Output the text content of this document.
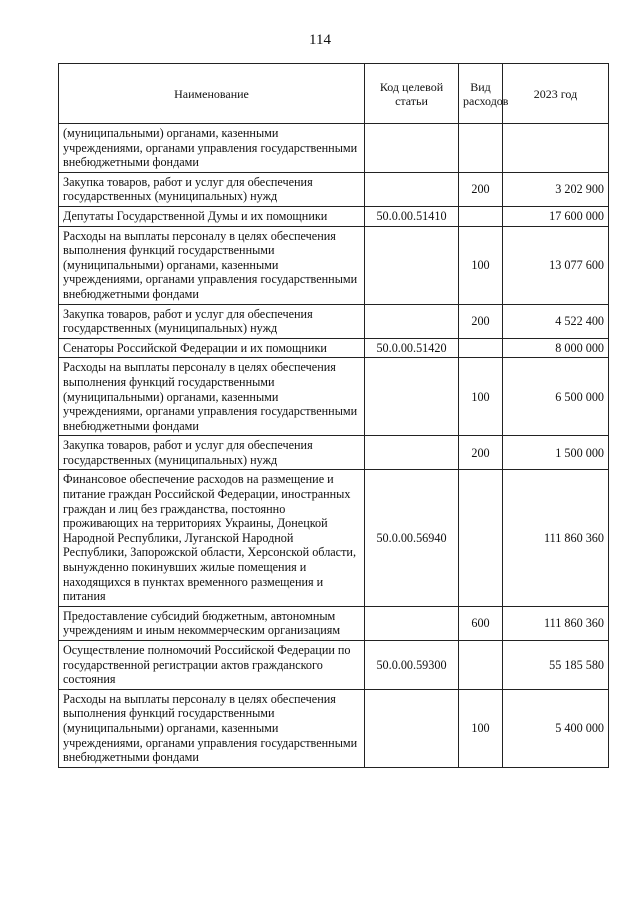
114
Наименование	Код целевой статьи	Вид расходов	2023 год
(муниципальными) органами, казенными учреждениями, органами управления государственными внебюджетными фондами			
Закупка товаров, работ и услуг для обеспечения государственных (муниципальных) нужд		200	3 202 900
Депутаты Государственной Думы и их помощники	50.0.00.51410		17 600 000
Расходы на выплаты персоналу в целях обеспечения выполнения функций государственными (муниципальными) органами, казенными учреждениями, органами управления государственными внебюджетными фондами		100	13 077 600
Закупка товаров, работ и услуг для обеспечения государственных (муниципальных) нужд		200	4 522 400
Сенаторы Российской Федерации и их помощники	50.0.00.51420		8 000 000
Расходы на выплаты персоналу в целях обеспечения выполнения функций государственными (муниципальными) органами, казенными учреждениями, органами управления государственными внебюджетными фондами		100	6 500 000
Закупка товаров, работ и услуг для обеспечения государственных (муниципальных) нужд		200	1 500 000
Финансовое обеспечение расходов на размещение и питание граждан Российской Федерации, иностранных граждан и лиц без гражданства, постоянно проживающих на территориях Украины, Донецкой Народной Республики, Луганской Народной Республики, Запорожской области, Херсонской области, вынужденно покинувших жилые помещения и находящихся в пунктах временного размещения и питания	50.0.00.56940		111 860 360
Предоставление субсидий бюджетным, автономным учреждениям и иным некоммерческим организациям		600	111 860 360
Осуществление полномочий Российской Федерации по государственной регистрации актов гражданского состояния	50.0.00.59300		55 185 580
Расходы на выплаты персоналу в целях обеспечения выполнения функций государственными (муниципальными) органами, казенными учреждениями, органами управления государственными внебюджетными фондами		100	5 400 000
